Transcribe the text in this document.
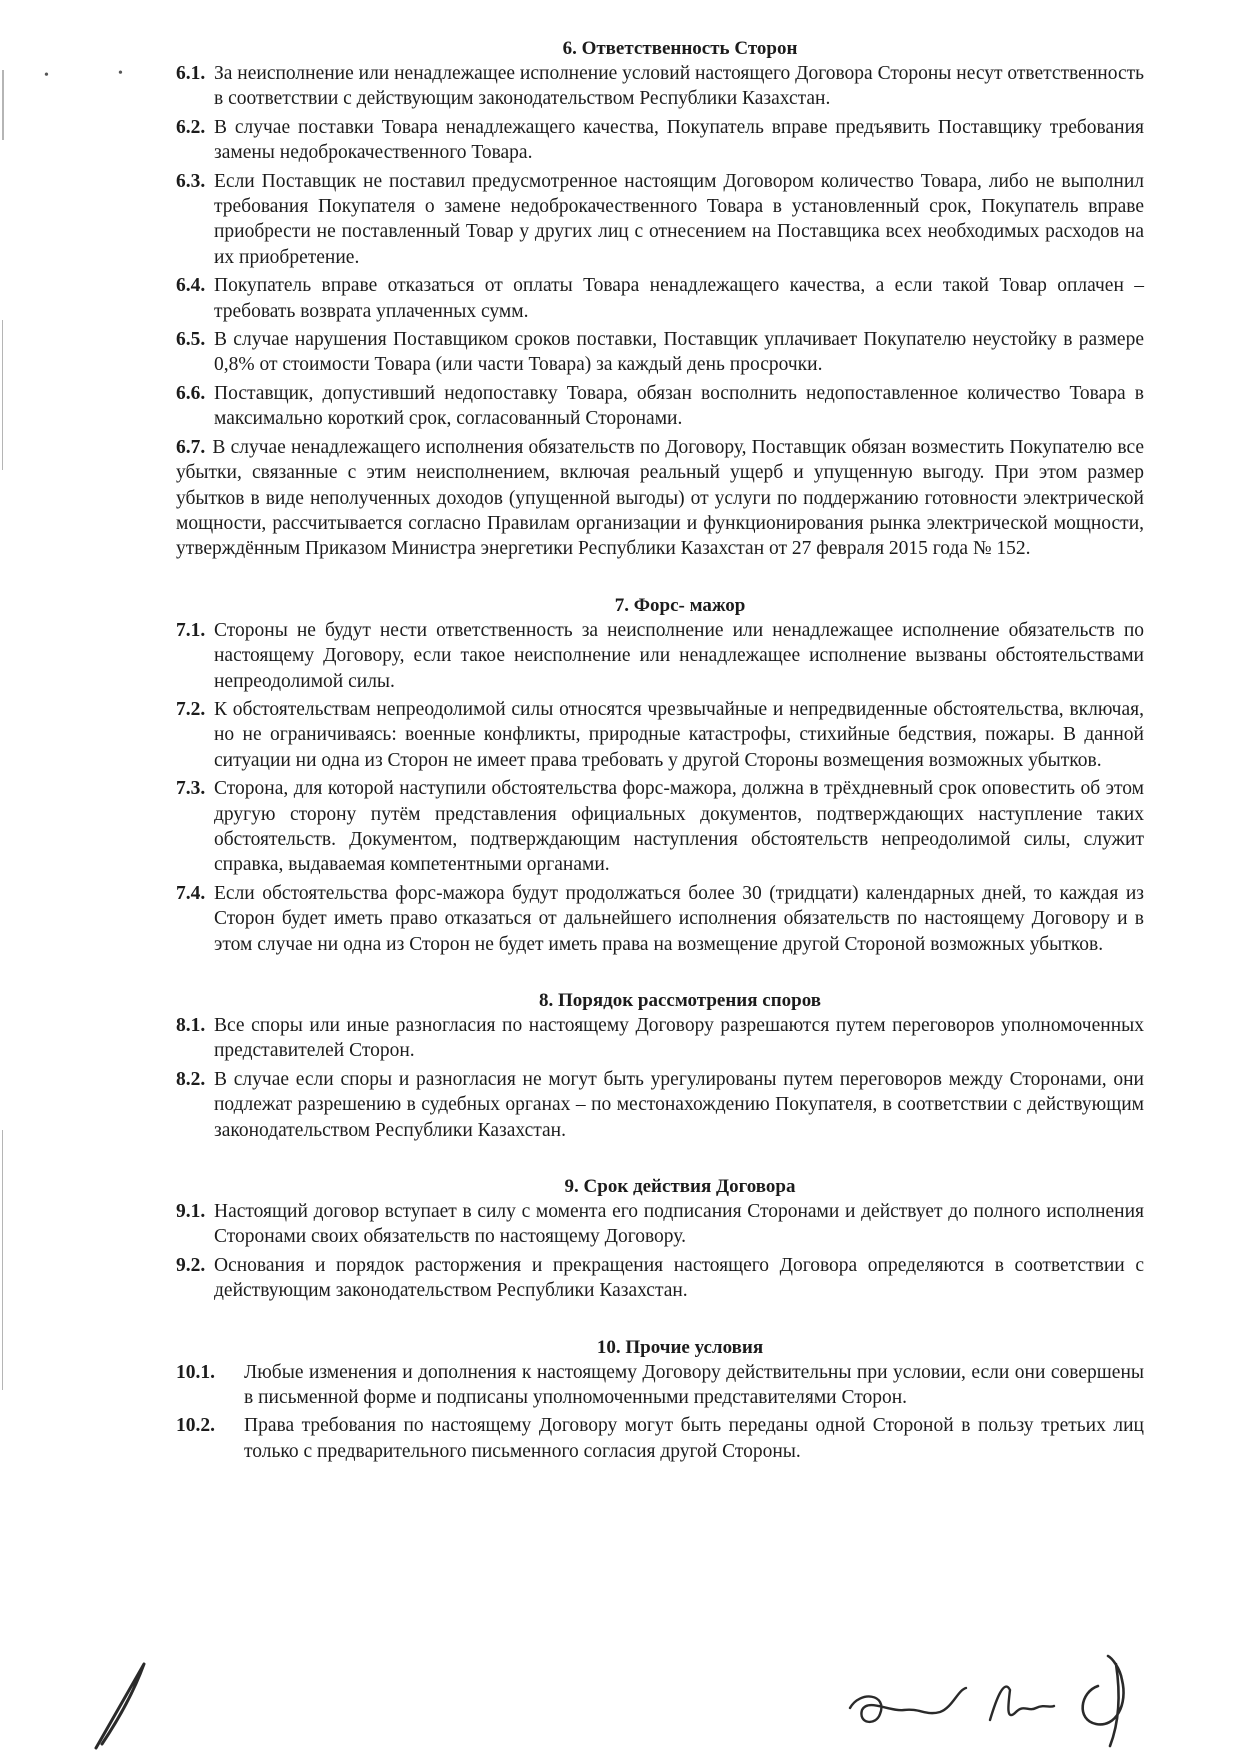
•	•
6. Ответственность Сторон
6.1. За неисполнение или ненадлежащее исполнение условий настоящего Договора Стороны несут ответственность в соответствии с действующим законодательством Республики Казахстан.
6.2. В случае поставки Товара ненадлежащего качества, Покупатель вправе предъявить Поставщику требования замены недоброкачественного Товара.
6.3. Если Поставщик не поставил предусмотренное настоящим Договором количество Товара, либо не выполнил требования Покупателя о замене недоброкачественного Товара в установленный срок, Покупатель вправе приобрести не поставленный Товар у других лиц с отнесением на Поставщика всех необходимых расходов на их приобретение.
6.4. Покупатель вправе отказаться от оплаты Товара ненадлежащего качества, а если такой Товар оплачен – требовать возврата уплаченных сумм.
6.5. В случае нарушения Поставщиком сроков поставки, Поставщик уплачивает Покупателю неустойку в размере 0,8% от стоимости Товара (или части Товара) за каждый день просрочки.
6.6. Поставщик, допустивший недопоставку Товара, обязан восполнить недопоставленное количество Товара в максимально короткий срок, согласованный Сторонами.
6.7. В случае ненадлежащего исполнения обязательств по Договору, Поставщик обязан возместить Покупателю все убытки, связанные с этим неисполнением, включая реальный ущерб и упущенную выгоду. При этом размер убытков в виде неполученных доходов (упущенной выгоды) от услуги по поддержанию готовности электрической мощности, рассчитывается согласно Правилам организации и функционирования рынка электрической мощности, утверждённым Приказом Министра энергетики Республики Казахстан от 27 февраля 2015 года № 152.
7. Форс- мажор
7.1. Стороны не будут нести ответственность за неисполнение или ненадлежащее исполнение обязательств по настоящему Договору, если такое неисполнение или ненадлежащее исполнение вызваны обстоятельствами непреодолимой силы.
7.2. К обстоятельствам непреодолимой силы относятся чрезвычайные и непредвиденные обстоятельства, включая, но не ограничиваясь: военные конфликты, природные катастрофы, стихийные бедствия, пожары. В данной ситуации ни одна из Сторон не имеет права требовать у другой Стороны возмещения возможных убытков.
7.3. Сторона, для которой наступили обстоятельства форс-мажора, должна в трёхдневный срок оповестить об этом другую сторону путём представления официальных документов, подтверждающих наступление таких обстоятельств. Документом, подтверждающим наступления обстоятельств непреодолимой силы, служит справка, выдаваемая компетентными органами.
7.4. Если обстоятельства форс-мажора будут продолжаться более 30 (тридцати) календарных дней, то каждая из Сторон будет иметь право отказаться от дальнейшего исполнения обязательств по настоящему Договору и в этом случае ни одна из Сторон не будет иметь права на возмещение другой Стороной возможных убытков.
8. Порядок рассмотрения споров
8.1. Все споры или иные разногласия по настоящему Договору разрешаются путем переговоров уполномоченных представителей Сторон.
8.2. В случае если споры и разногласия не могут быть урегулированы путем переговоров между Сторонами, они подлежат разрешению в судебных органах – по местонахождению Покупателя, в соответствии с действующим законодательством Республики Казахстан.
9. Срок действия Договора
9.1. Настоящий договор вступает в силу с момента его подписания Сторонами и действует до полного исполнения Сторонами своих обязательств по настоящему Договору.
9.2. Основания и порядок расторжения и прекращения настоящего Договора определяются в соответствии с действующим законодательством Республики Казахстан.
10. Прочие условия
10.1.	Любые изменения и дополнения к настоящему Договору действительны при условии, если они совершены в письменной форме и подписаны уполномоченными представителями Сторон.
10.2.	Права требования по настоящему Договору могут быть переданы одной Стороной в пользу третьих лиц только с предварительного письменного согласия другой Стороны.
